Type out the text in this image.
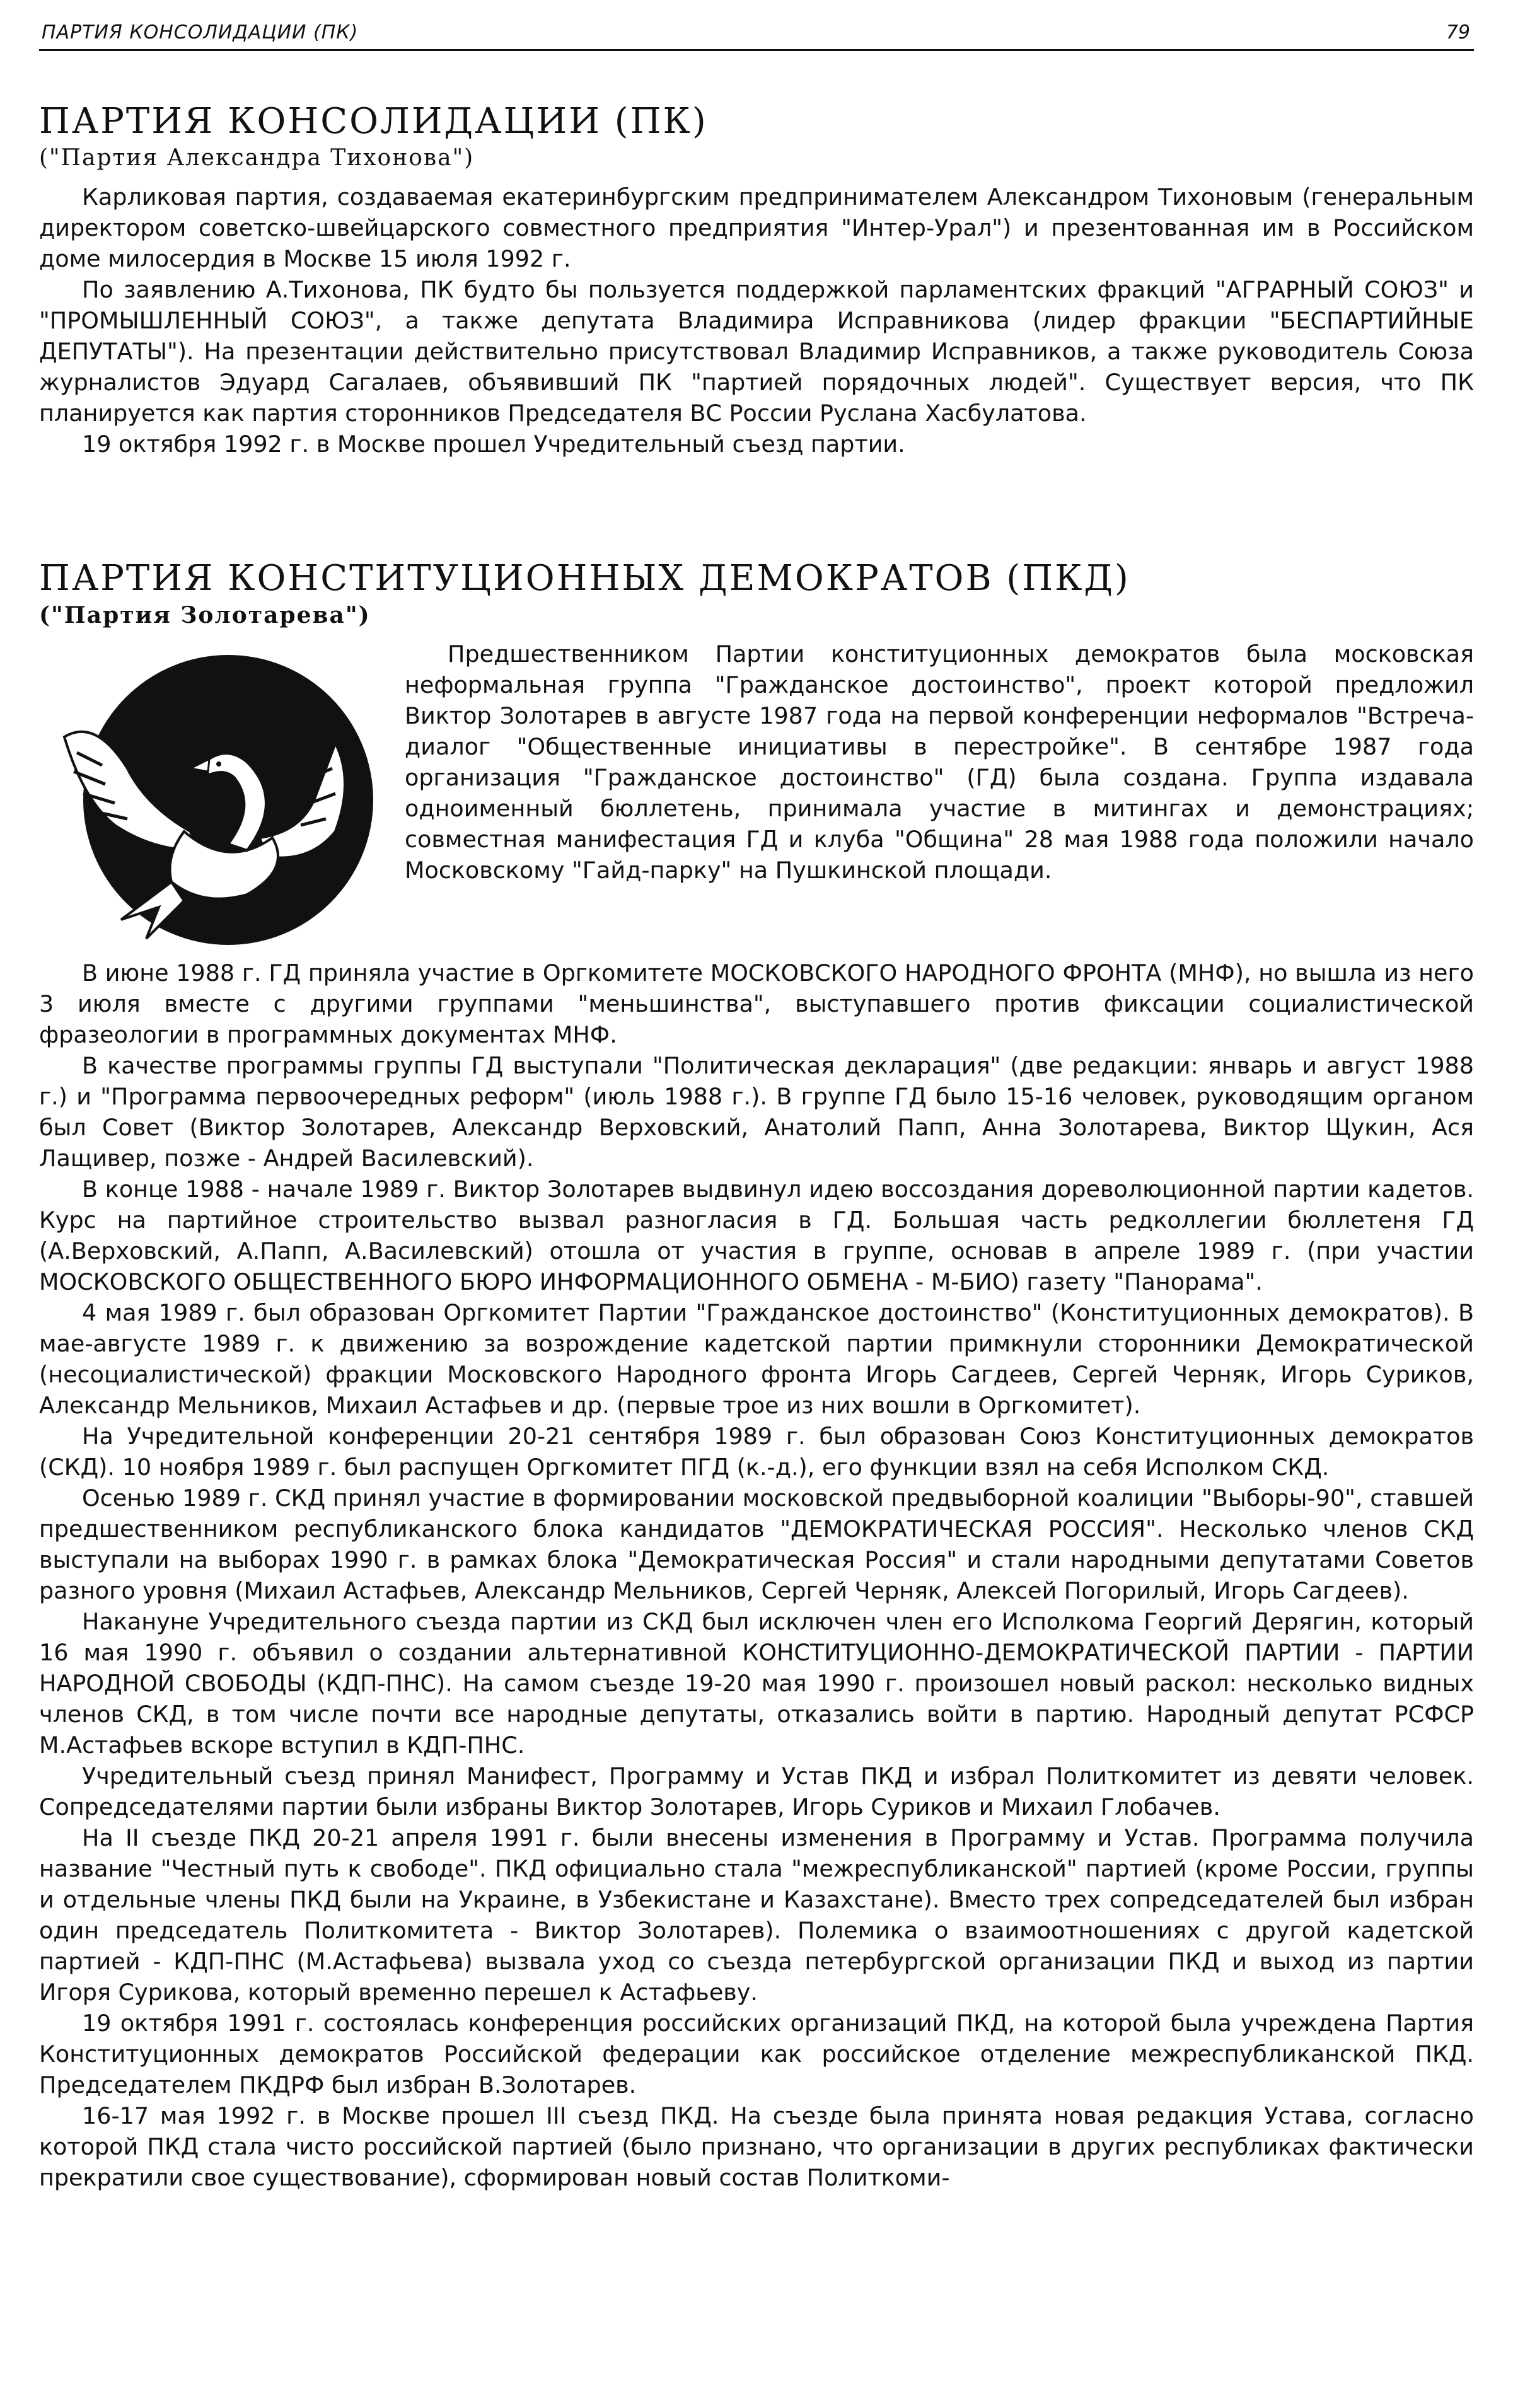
ПАРТИЯ КОНСОЛИДАЦИИ (ПК)	79
ПАРТИЯ КОНСОЛИДАЦИИ (ПК)
("Партия Александра Тихонова")

Карликовая партия, создаваемая екатеринбургским предпринимателем Александром Тихоновым (генеральным директором советско-швейцарского совместного предприятия "Интер-Урал") и презентованная им в Российском доме милосердия в Москве 15 июля 1992 г.

По заявлению А.Тихонова, ПК будто бы пользуется поддержкой парламентских фракций "АГРАРНЫЙ СОЮЗ" и "ПРОМЫШЛЕННЫЙ СОЮЗ", а также депутата Владимира Исправникова (лидер фракции "БЕСПАРТИЙНЫЕ ДЕПУТАТЫ"). На презентации действительно присутствовал Владимир Исправников, а также руководитель Союза журналистов Эдуард Сагалаев, объявивший ПК "партией порядочных людей". Существует версия, что ПК планируется как партия сторонников Председателя ВС России Руслана Хасбулатова.

19 октября 1992 г. в Москве прошел Учредительный съезд партии.

ПАРТИЯ КОНСТИТУЦИОННЫХ ДЕМОКРАТОВ (ПКД)
("Партия Золотарева")

Предшественником Партии конституционных демократов была московская неформальная группа "Гражданское достоинство", проект которой предложил Виктор Золотарев в августе 1987 года на первой конференции неформалов "Встреча-диалог "Общественные инициативы в перестройке". В сентябре 1987 года организация "Гражданское достоинство" (ГД) была создана. Группа издавала одноименный бюллетень, принимала участие в митингах и демонстрациях; совместная манифестация ГД и клуба "Община" 28 мая 1988 года положили начало Московскому "Гайд-парку" на Пушкинской площади.

В июне 1988 г. ГД приняла участие в Оргкомитете МОСКОВСКОГО НАРОДНОГО ФРОНТА (МНФ), но вышла из него 3 июля вместе с другими группами "меньшинства", выступавшего против фиксации социалистической фразеологии в программных документах МНФ.

В качестве программы группы ГД выступали "Политическая декларация" (две редакции: январь и август 1988 г.) и "Программа первоочередных реформ" (июль 1988 г.). В группе ГД было 15-16 человек, руководящим органом был Совет (Виктор Золотарев, Александр Верховский, Анатолий Папп, Анна Золотарева, Виктор Щукин, Ася Лащивер, позже - Андрей Василевский).

В конце 1988 - начале 1989 г. Виктор Золотарев выдвинул идею воссоздания дореволюционной партии кадетов. Курс на партийное строительство вызвал разногласия в ГД. Большая часть редколлегии бюллетеня ГД (А.Верховский, А.Папп, А.Василевский) отошла от участия в группе, основав в апреле 1989 г. (при участии МОСКОВСКОГО ОБЩЕСТВЕННОГО БЮРО ИНФОРМАЦИОННОГО ОБМЕНА - М-БИО) газету "Панорама".

4 мая 1989 г. был образован Оргкомитет Партии "Гражданское достоинство" (Конституционных демократов). В мае-августе 1989 г. к движению за возрождение кадетской партии примкнули сторонники Демократической (несоциалистической) фракции Московского Народного фронта Игорь Сагдеев, Сергей Черняк, Игорь Суриков, Александр Мельников, Михаил Астафьев и др. (первые трое из них вошли в Оргкомитет).

На Учредительной конференции 20-21 сентября 1989 г. был образован Союз Конституционных демократов (СКД). 10 ноября 1989 г. был распущен Оргкомитет ПГД (к.-д.), его функции взял на себя Исполком СКД.

Осенью 1989 г. СКД принял участие в формировании московской предвыборной коалиции "Выборы-90", ставшей предшественником республиканского блока кандидатов "ДЕМОКРАТИЧЕСКАЯ РОССИЯ". Несколько членов СКД выступали на выборах 1990 г. в рамках блока "Демократическая Россия" и стали народными депутатами Советов разного уровня (Михаил Астафьев, Александр Мельников, Сергей Черняк, Алексей Погорилый, Игорь Сагдеев).

Накануне Учредительного съезда партии из СКД был исключен член его Исполкома Георгий Дерягин, который 16 мая 1990 г. объявил о создании альтернативной КОНСТИТУЦИОННО-ДЕМОКРАТИЧЕСКОЙ ПАРТИИ - ПАРТИИ НАРОДНОЙ СВОБОДЫ (КДП-ПНС). На самом съезде 19-20 мая 1990 г. произошел новый раскол: несколько видных членов СКД, в том числе почти все народные депутаты, отказались войти в партию. Народный депутат РСФСР М.Астафьев вскоре вступил в КДП-ПНС.

Учредительный съезд принял Манифест, Программу и Устав ПКД и избрал Политкомитет из девяти человек. Сопредседателями партии были избраны Виктор Золотарев, Игорь Суриков и Михаил Глобачев.

На II съезде ПКД 20-21 апреля 1991 г. были внесены изменения в Программу и Устав. Программа получила название "Честный путь к свободе". ПКД официально стала "межреспубликанской" партией (кроме России, группы и отдельные члены ПКД были на Украине, в Узбекистане и Казахстане). Вместо трех сопредседателей был избран один председатель Политкомитета - Виктор Золотарев). Полемика о взаимоотношениях с другой кадетской партией - КДП-ПНС (М.Астафьева) вызвала уход со съезда петербургской организации ПКД и выход из партии Игоря Сурикова, который временно перешел к Астафьеву.

19 октября 1991 г. состоялась конференция российских организаций ПКД, на которой была учреждена Партия Конституционных демократов Российской федерации как российское отделение межреспубликанской ПКД. Председателем ПКДРФ был избран В.Золотарев.

16-17 мая 1992 г. в Москве прошел III съезд ПКД. На съезде была принята новая редакция Устава, согласно которой ПКД стала чисто российской партией (было признано, что организации в других республиках фактически прекратили свое существование), сформирован новый состав Политкоми-
